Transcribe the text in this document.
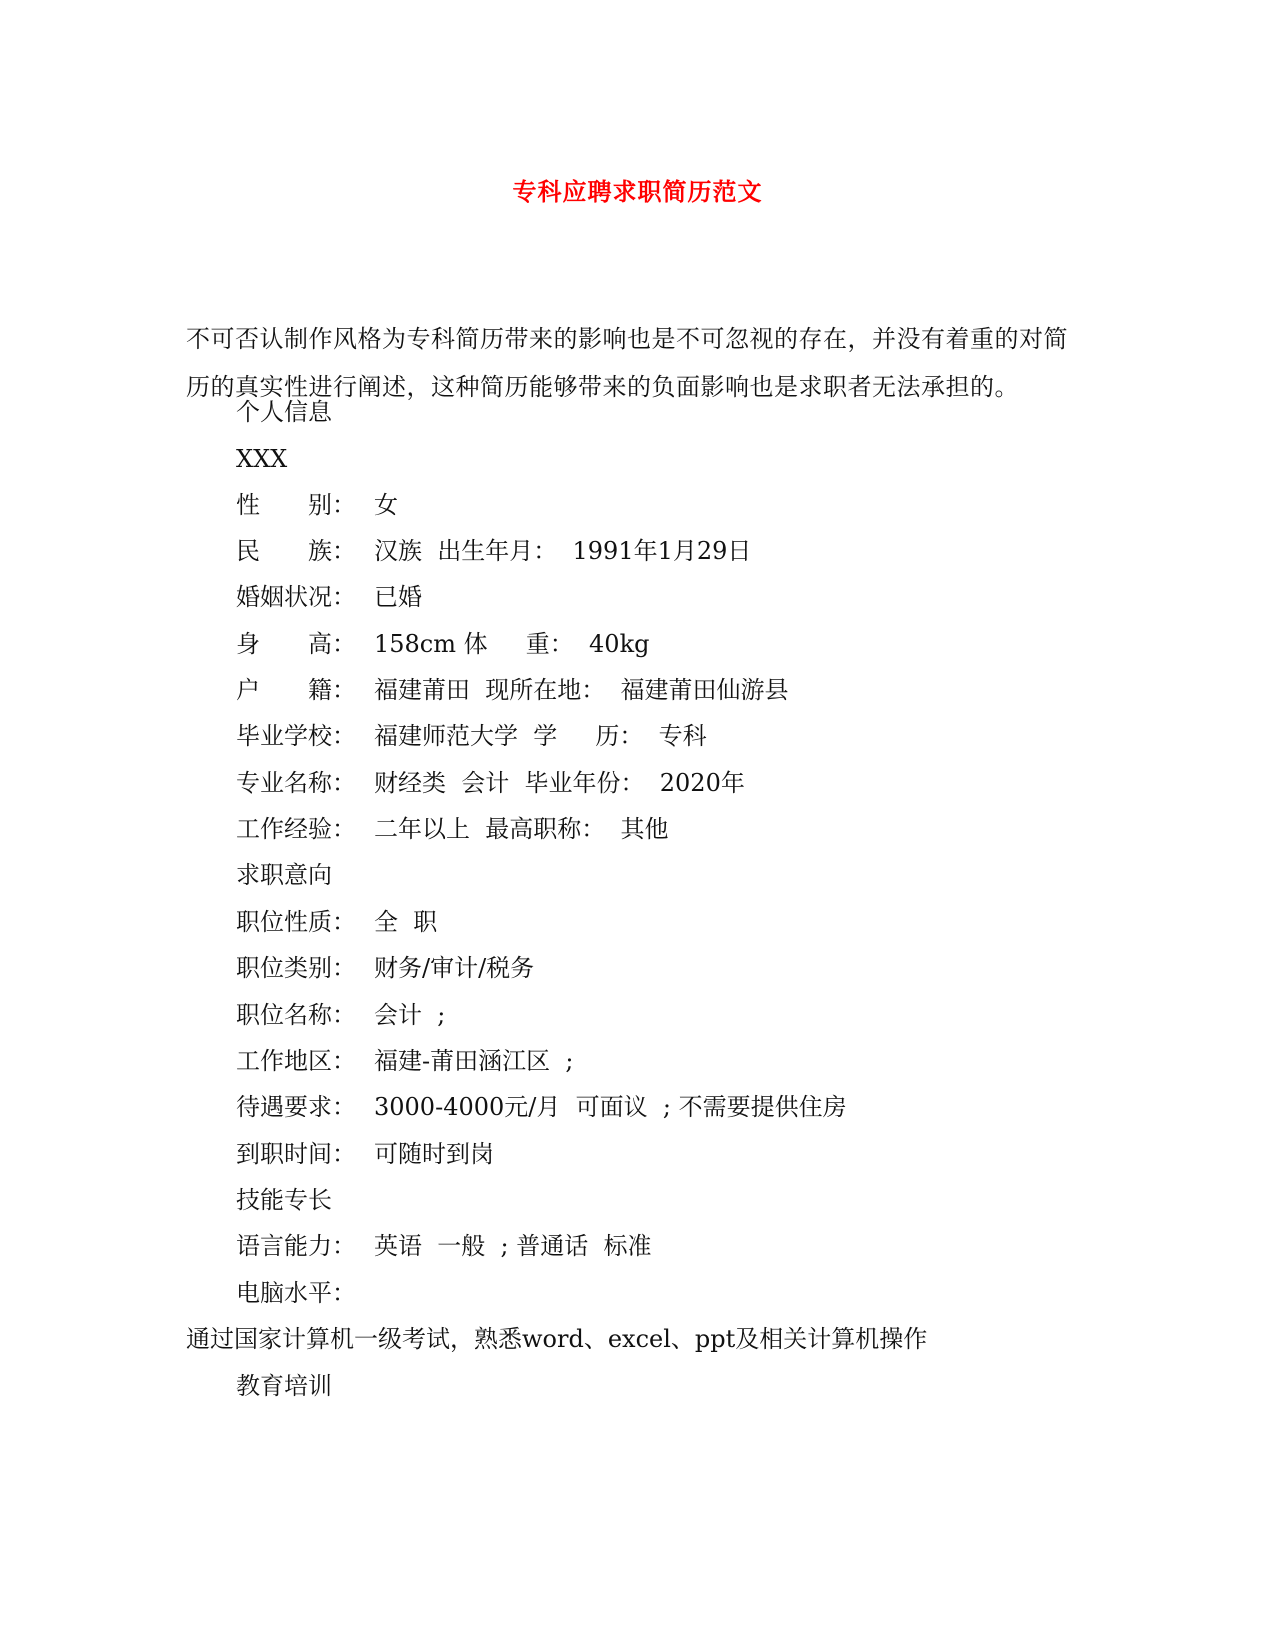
专科应聘求职简历范文
不可否认制作风格为专科简历带来的影响也是不可忽视的存在，并没有着重的对简历的真实性进行阐述，这种简历能够带来的负面影响也是求职者无法承担的。
个人信息
XXX
性　　别： 女
民　　族： 汉族  出生年月：  1991年1月29日
婚姻状况： 已婚
身　　高： 158cm 体     重：  40kg
户　　籍： 福建莆田  现所在地：  福建莆田仙游县
毕业学校： 福建师范大学  学     历：  专科
专业名称： 财经类  会计  毕业年份：  2020年
工作经验： 二年以上  最高职称：  其他
求职意向
职位性质： 全  职
职位类别： 财务/审计/税务
职位名称： 会计  ;
工作地区： 福建-莆田涵江区  ;
待遇要求： 3000-4000元/月  可面议  ; 不需要提供住房
到职时间： 可随时到岗
技能专长
语言能力： 英语  一般  ; 普通话  标准
电脑水平：
通过国家计算机一级考试，熟悉word、excel、ppt及相关计算机操作
教育培训
